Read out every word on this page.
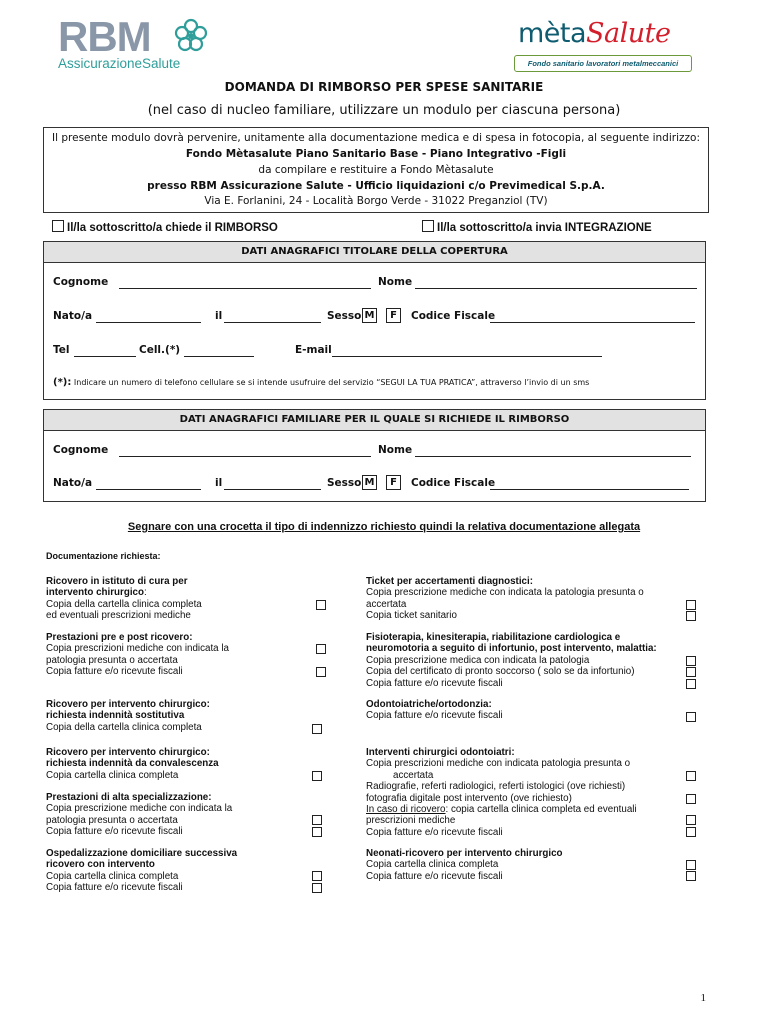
RBM
AssicurazioneSalute
mètaSalute
Fondo sanitario lavoratori metalmeccanici
DOMANDA DI RIMBORSO PER SPESE SANITARIE
(nel caso di nucleo familiare, utilizzare un modulo per ciascuna persona)
Il presente modulo dovrà pervenire, unitamente alla documentazione medica e di spesa in fotocopia, al seguente indirizzo:
Fondo Mètasalute Piano Sanitario Base - Piano Integrativo -Figli
da compilare e restituire a Fondo Mètasalute
presso RBM Assicurazione Salute - Ufficio liquidazioni c/o Previmedical S.p.A.
Via E. Forlanini, 24 - Località Borgo Verde - 31022 Preganziol (TV)
Il/la sottoscritto/a chiede il RIMBORSO	Il/la sottoscritto/a invia INTEGRAZIONE
DATI ANAGRAFICI TITOLARE DELLA COPERTURA
Cognome	Nome
Nato/a	il	Sesso M	F	Codice Fiscale
Tel	Cell.(*)	E-mail
(*): Indicare un numero di telefono cellulare se si intende usufruire del servizio “SEGUI LA TUA PRATICA”, attraverso l’invio di un sms
DATI ANAGRAFICI FAMILIARE PER IL QUALE SI RICHIEDE IL RIMBORSO
Cognome	Nome
Nato/a	il	Sesso M	F	Codice Fiscale
Segnare con una crocetta il tipo di indennizzo richiesto quindi la relativa documentazione allegata
Documentazione richiesta:
Ricovero in istituto di cura per
intervento chirurgico:
Copia della cartella clinica completa
ed eventuali prescrizioni mediche
Prestazioni pre e post ricovero:
Copia prescrizioni mediche con indicata la
patologia presunta o accertata
Copia fatture e/o ricevute fiscali
Ricovero per intervento chirurgico:
richiesta indennità sostitutiva
Copia della cartella clinica completa
Ricovero per intervento chirurgico:
richiesta indennità da convalescenza
Copia cartella clinica completa
Prestazioni di alta specializzazione:
Copia prescrizione mediche con indicata la
patologia presunta o accertata
Copia fatture e/o ricevute fiscali
Ospedalizzazione domiciliare successiva
ricovero con intervento
Copia cartella clinica completa
Copia fatture e/o ricevute fiscali
Ticket per accertamenti diagnostici:
Copia prescrizione mediche con indicata la patologia presunta o
accertata
Copia ticket sanitario
Fisioterapia, kinesiterapia, riabilitazione cardiologica e
neuromotoria a seguito di infortunio, post intervento, malattia:
Copia prescrizione medica con indicata la patologia
Copia del certificato di pronto soccorso ( solo se da infortunio)
Copia fatture e/o ricevute fiscali
Odontoiatriche/ortodonzia:
Copia fatture e/o ricevute fiscali
Interventi chirurgici odontoiatri:
Copia prescrizioni mediche con indicata patologia presunta o
accertata
Radiografie, referti radiologici, referti istologici (ove richiesti)
fotografia digitale post intervento (ove richiesto)
In caso di ricovero: copia cartella clinica completa ed eventuali
prescrizioni mediche
Copia fatture e/o ricevute fiscali
Neonati-ricovero per intervento chirurgico
Copia cartella clinica completa
Copia fatture e/o ricevute fiscali
1
